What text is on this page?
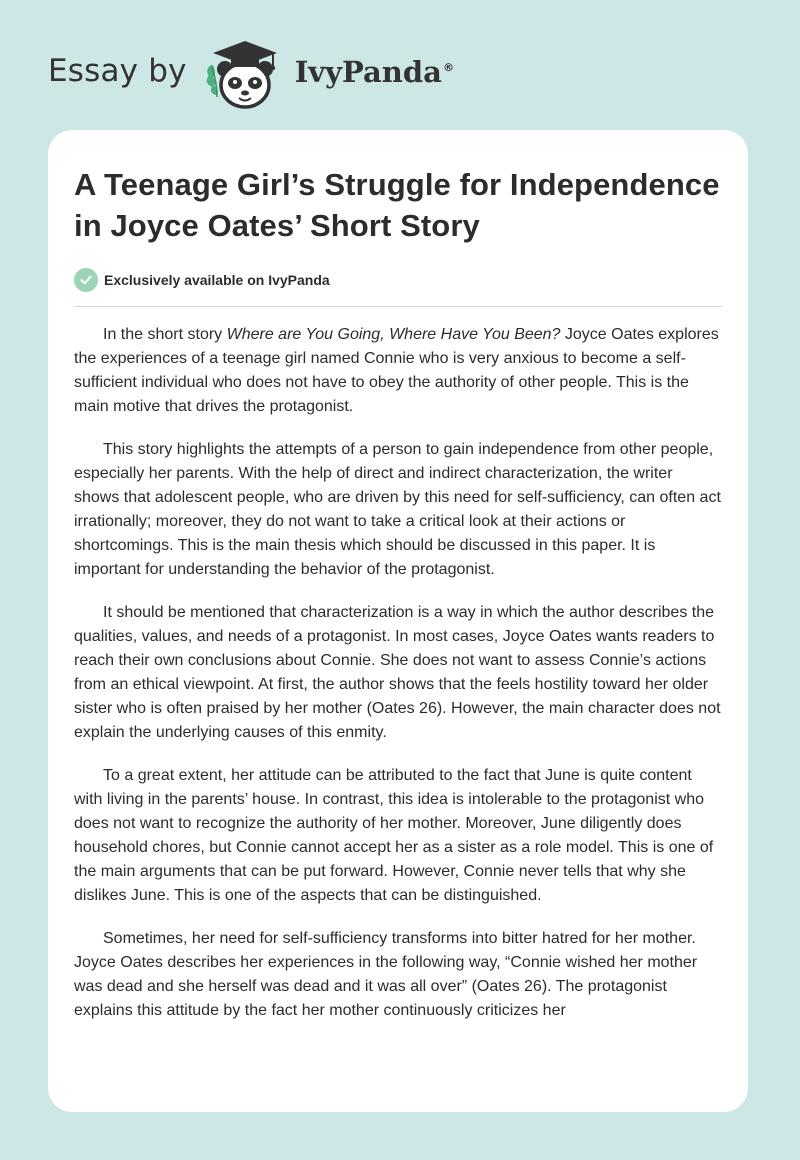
Essay by	IvyPanda®
A Teenage Girl’s Struggle for Independence in Joyce Oates’ Short Story
Exclusively available on IvyPanda

In the short story Where are You Going, Where Have You Been? Joyce Oates explores the experiences of a teenage girl named Connie who is very anxious to become a self-sufficient individual who does not have to obey the authority of other people. This is the main motive that drives the protagonist.

This story highlights the attempts of a person to gain independence from other people, especially her parents. With the help of direct and indirect characterization, the writer shows that adolescent people, who are driven by this need for self-sufficiency, can often act irrationally; moreover, they do not want to take a critical look at their actions or shortcomings. This is the main thesis which should be discussed in this paper. It is important for understanding the behavior of the protagonist.

It should be mentioned that characterization is a way in which the author describes the qualities, values, and needs of a protagonist. In most cases, Joyce Oates wants readers to reach their own conclusions about Connie. She does not want to assess Connie’s actions from an ethical viewpoint. At first, the author shows that the feels hostility toward her older sister who is often praised by her mother (Oates 26). However, the main character does not explain the underlying causes of this enmity.

To a great extent, her attitude can be attributed to the fact that June is quite content with living in the parents’ house. In contrast, this idea is intolerable to the protagonist who does not want to recognize the authority of her mother. Moreover, June diligently does household chores, but Connie cannot accept her as a sister as a role model. This is one of the main arguments that can be put forward. However, Connie never tells that why she dislikes June. This is one of the aspects that can be distinguished.

Sometimes, her need for self-sufficiency transforms into bitter hatred for her mother. Joyce Oates describes her experiences in the following way, “Connie wished her mother was dead and she herself was dead and it was all over” (Oates 26). The protagonist explains this attitude by the fact her mother continuously criticizes her
